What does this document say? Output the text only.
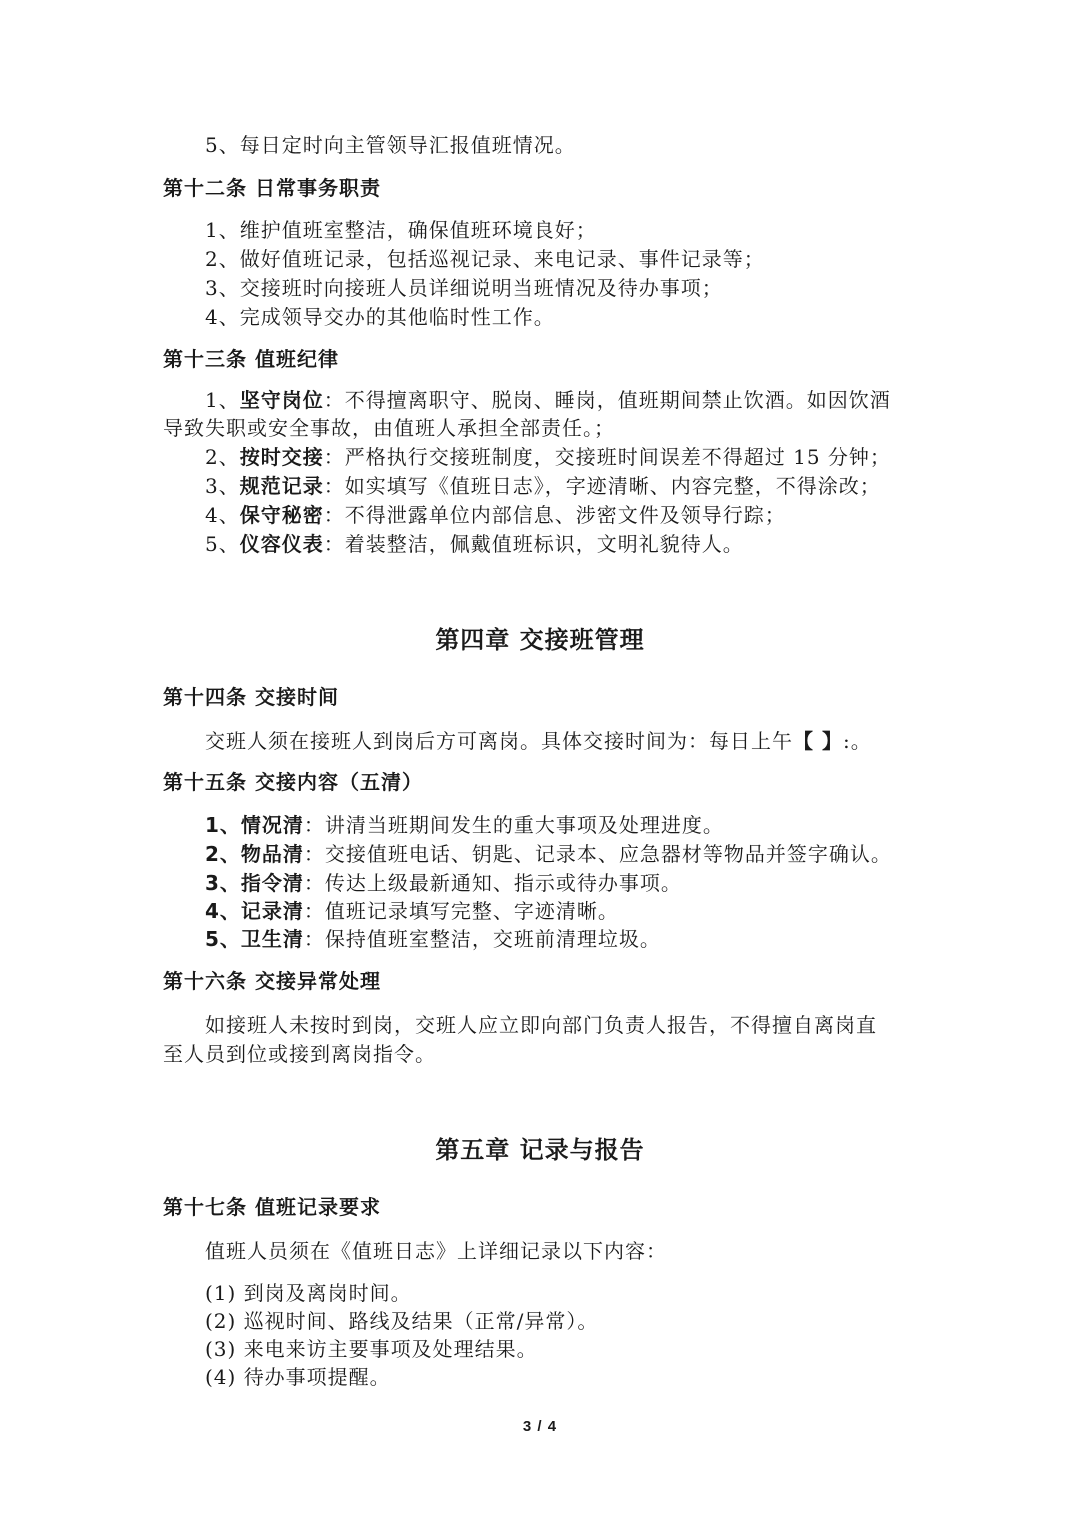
5、每日定时向主管领导汇报值班情况。
第十二条 日常事务职责
1、维护值班室整洁，确保值班环境良好；
2、做好值班记录，包括巡视记录、来电记录、事件记录等；
3、交接班时向接班人员详细说明当班情况及待办事项；
4、完成领导交办的其他临时性工作。
第十三条 值班纪律
1、坚守岗位：不得擅离职守、脱岗、睡岗，值班期间禁止饮酒。如因饮酒
导致失职或安全事故，由值班人承担全部责任。；
2、按时交接：严格执行交接班制度，交接班时间误差不得超过 15 分钟；
3、规范记录：如实填写《值班日志》，字迹清晰、内容完整，不得涂改；
4、保守秘密：不得泄露单位内部信息、涉密文件及领导行踪；
5、仪容仪表：着装整洁，佩戴值班标识，文明礼貌待人。
第四章 交接班管理
第十四条 交接时间
交班人须在接班人到岗后方可离岗。具体交接时间为：每日上午【 】:。
第十五条 交接内容（五清）
1、情况清：讲清当班期间发生的重大事项及处理进度。
2、物品清：交接值班电话、钥匙、记录本、应急器材等物品并签字确认。
3、指令清：传达上级最新通知、指示或待办事项。
4、记录清：值班记录填写完整、字迹清晰。
5、卫生清：保持值班室整洁，交班前清理垃圾。
第十六条 交接异常处理
如接班人未按时到岗，交班人应立即向部门负责人报告，不得擅自离岗直
至人员到位或接到离岗指令。
第五章 记录与报告
第十七条 值班记录要求
值班人员须在《值班日志》上详细记录以下内容：
(1) 到岗及离岗时间。
(2) 巡视时间、路线及结果（正常/异常）。
(3) 来电来访主要事项及处理结果。
(4) 待办事项提醒。
3 / 4
